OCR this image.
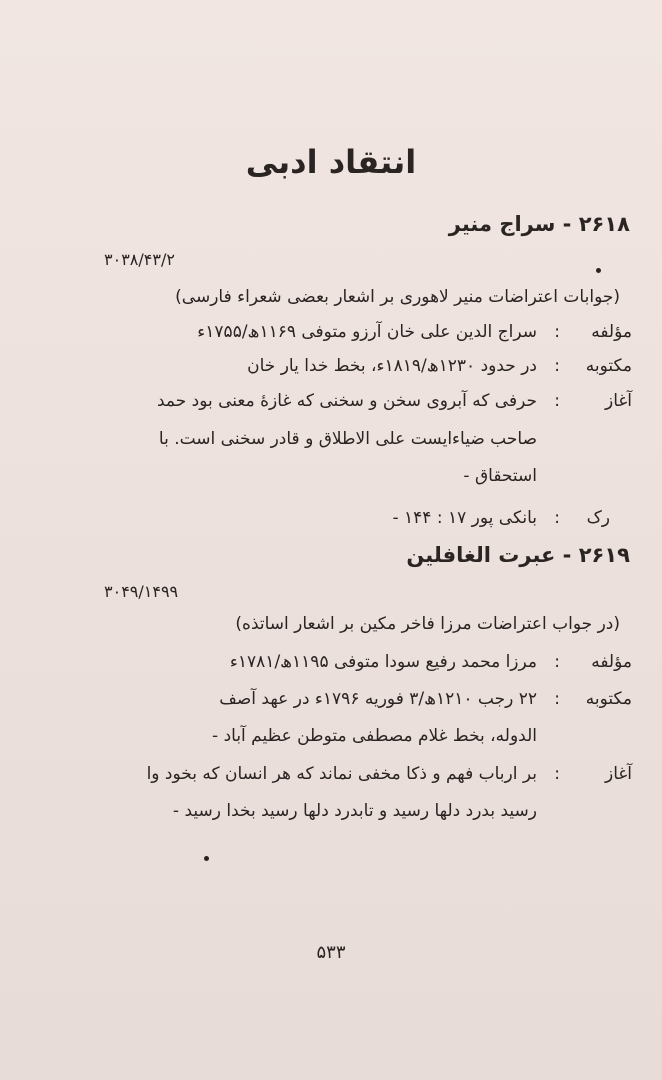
انتقاد ادبی
۲۶۱۸ - سراج منیر
۳۰۳۸/۴۳/۲
(جوابات اعتراضات منیر لاهوری بر اشعار بعضی شعراء فارسی)
مؤلفه
:
سراج الدین علی خان آرزو متوفی ۱۱۶۹ھ/۱۷۵۵ء
مکتوبه
:
در حدود ۱۲۳۰ھ/۱۸۱۹ء، بخط خدا یار خان
آغاز
:
حرفی که آبروی سخن و سخنی که غازهٔ معنی بود حمد
صاحب ضیاءایست علی الاطلاق و قادر سخنی است. با
استحقاق -
رک
:
بانکی پور ۱۷ : ۱۴۴ -
۲۶۱۹ - عبرت الغافلین
۳۰۴۹/۱۴۹۹
(در جواب اعتراضات مرزا فاخر مکین بر اشعار اساتذه)
مؤلفه
:
مرزا محمد رفیع سودا متوفی ۱۱۹۵ھ/۱۷۸۱ء
مکتوبه
:
۲۲ رجب ۱۲۱۰ھ/۳ فوریه ۱۷۹۶ء در عهد آصف
الدوله، بخط غلام مصطفی متوطن عظیم آباد -
آغاز
:
بر ارباب فهم و ذکا مخفی نماند که هر انسان که بخود وا
رسید بدرد دلها رسید و تابدرد دلها رسید بخدا رسید -
۵۳۳
